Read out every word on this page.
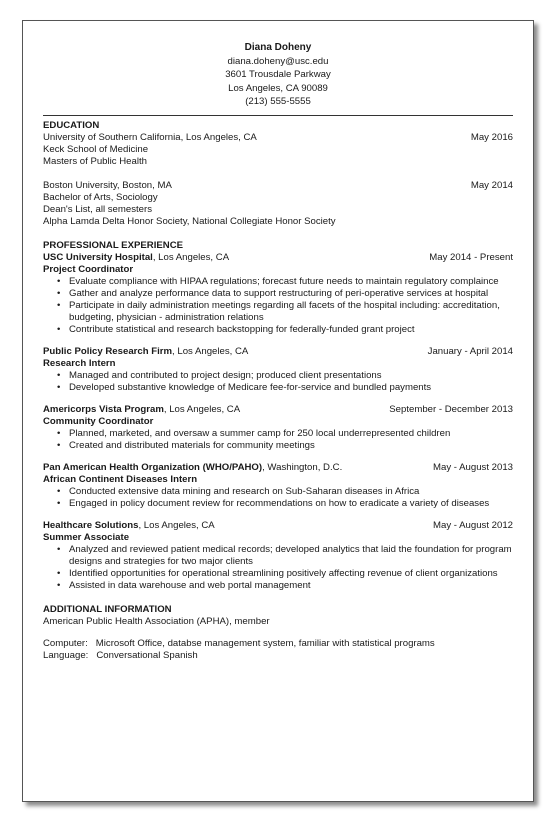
Diana Doheny
diana.doheny@usc.edu
3601 Trousdale Parkway
Los Angeles, CA 90089
(213) 555-5555
EDUCATION
University of Southern California, Los Angeles, CA	May 2016
Keck School of Medicine
Masters of Public Health
Boston University, Boston, MA	May 2014
Bachelor of Arts, Sociology
Dean's List, all semesters
Alpha Lamda Delta Honor Society, National Collegiate Honor Society
PROFESSIONAL EXPERIENCE
USC University Hospital, Los Angeles, CA	May 2014 - Present
Project Coordinator
• Evaluate compliance with HIPAA regulations; forecast future needs to maintain regulatory complaince
• Gather and analyze performance data to support restructuring of peri-operative services at hospital
• Participate in daily administration meetings regarding all facets of the hospital including: accreditation, budgeting, physician - administration relations
• Contribute statistical and research backstopping for federally-funded grant project
Public Policy Research Firm, Los Angeles, CA	January - April 2014
Research Intern
• Managed and contributed to project design; produced client presentations
• Developed substantive knowledge of Medicare fee-for-service and bundled payments
Americorps Vista Program, Los Angeles, CA	September - December 2013
Community Coordinator
• Planned, marketed, and oversaw a summer camp for 250 local underrepresented children
• Created and distributed materials for community meetings
Pan American Health Organization (WHO/PAHO), Washington, D.C.	May - August 2013
African Continent Diseases Intern
• Conducted extensive data mining and research on Sub-Saharan diseases in Africa
• Engaged in policy document review for recommendations on how to eradicate a variety of diseases
Healthcare Solutions, Los Angeles, CA	May - August 2012
Summer Associate
• Analyzed and reviewed patient medical records; developed analytics that laid the foundation for program designs and strategies for two major clients
• Identified opportunities for operational streamlining positively affecting revenue of client organizations
• Assisted in data warehouse and web portal management
ADDITIONAL INFORMATION
American Public Health Association (APHA), member
Computer: Microsoft Office, databse management system, familiar with statistical programs
Language: Conversational Spanish
